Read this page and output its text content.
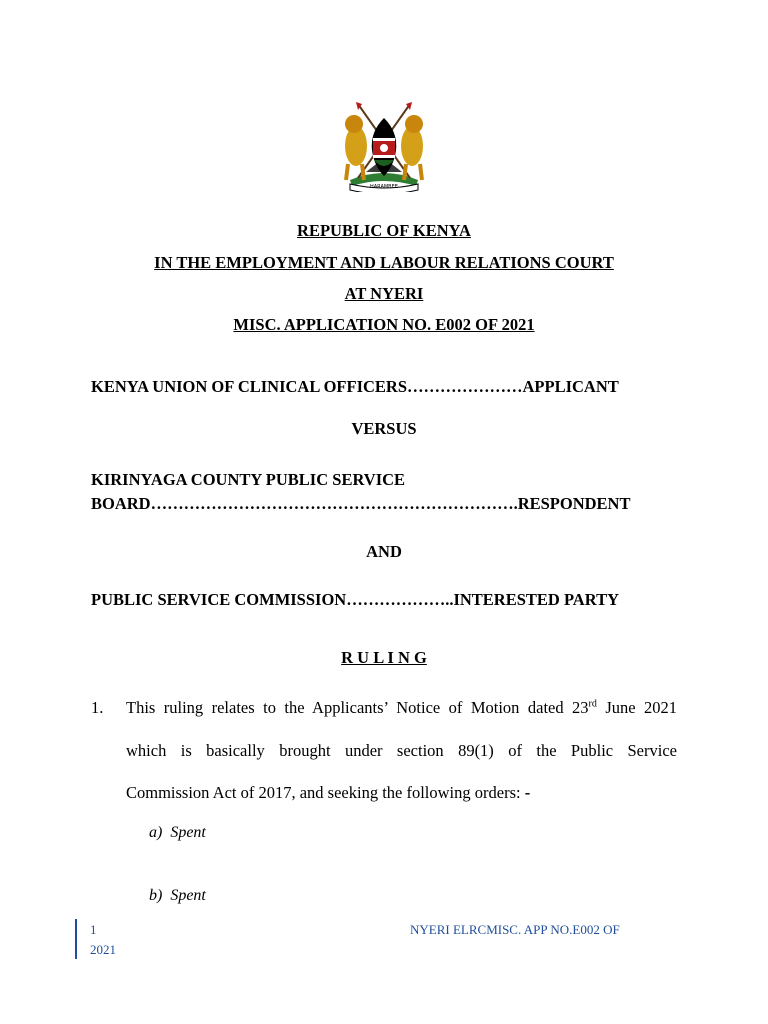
HARAMBEE
REPUBLIC OF KENYA
IN THE EMPLOYMENT AND LABOUR RELATIONS COURT
AT NYERI
MISC. APPLICATION NO. E002 OF 2021
KENYA UNION OF CLINICAL OFFICERS…………………APPLICANT
VERSUS
KIRINYAGA COUNTY PUBLIC SERVICE
BOARD………………………………………………………….RESPONDENT
AND
PUBLIC SERVICE COMMISSION………………..INTERESTED PARTY
R U L I N G
1. This ruling relates to the Applicants’ Notice of Motion dated 23rd June 2021
which is basically brought under section 89(1) of the Public Service
Commission Act of 2017, and seeking the following orders: -
a) Spent
b) Spent
1	NYERI ELRCMISC. APP NO.E002 OF
2021
